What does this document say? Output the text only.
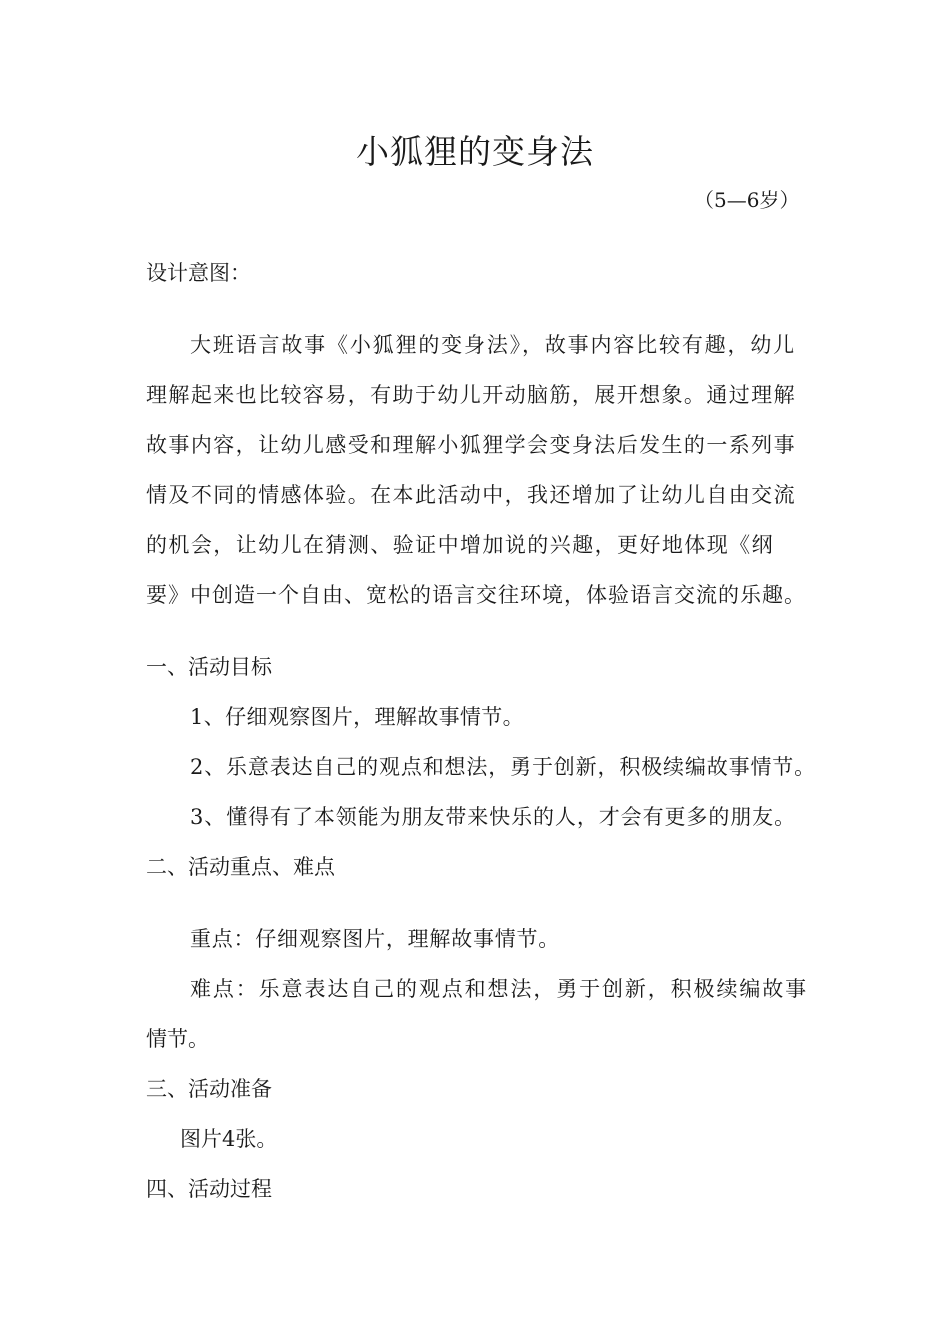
小狐狸的变身法
（5—6岁）
设计意图：
大班语言故事《小狐狸的变身法》，故事内容比较有趣，幼儿
理解起来也比较容易，有助于幼儿开动脑筋，展开想象。通过理解
故事内容，让幼儿感受和理解小狐狸学会变身法后发生的一系列事
情及不同的情感体验。在本此活动中，我还增加了让幼儿自由交流
的机会，让幼儿在猜测、验证中增加说的兴趣，更好地体现《纲
要》中创造一个自由、宽松的语言交往环境，体验语言交流的乐趣。
一、活动目标
1、仔细观察图片，理解故事情节。
2、乐意表达自己的观点和想法，勇于创新，积极续编故事情节。
3、懂得有了本领能为朋友带来快乐的人，才会有更多的朋友。
二、活动重点、难点
重点：仔细观察图片，理解故事情节。
难点：乐意表达自己的观点和想法，勇于创新，积极续编故事
情节。
三、活动准备
图片4张。
四、活动过程
